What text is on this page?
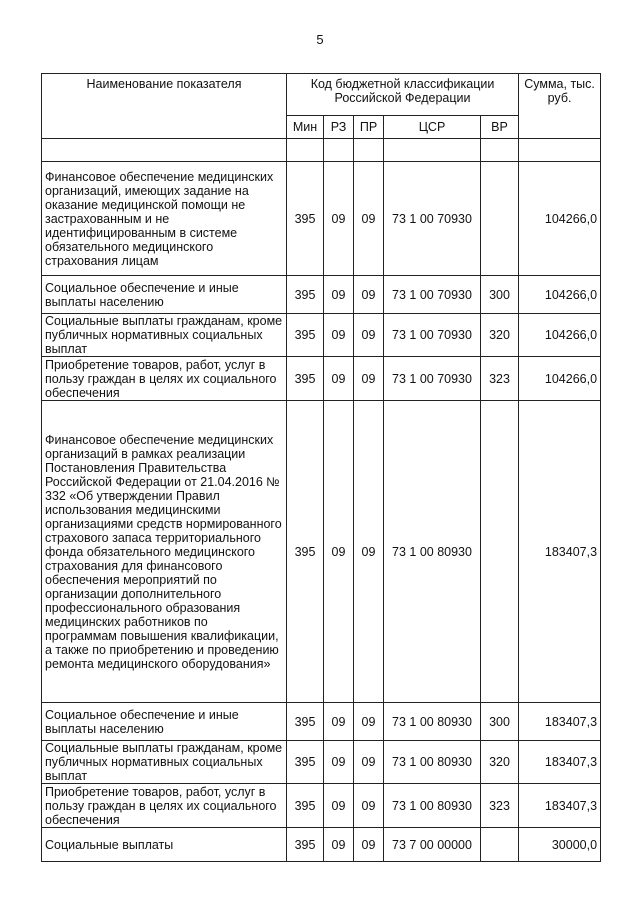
5
Наименование показателя	Код бюджетной классификации Российской Федерации					Сумма, тыс. руб.
	Мин	РЗ	ПР	ЦСР	ВР	

Финансовое обеспечение медицинских организаций, имеющих задание на оказание медицинской помощи не застрахованным и не идентифицированным в системе обязательного медицинского страхования лицам	395	09	09	73 1 00 70930		104266,0
Социальное обеспечение и иные выплаты населению	395	09	09	73 1 00 70930	300	104266,0
Социальные выплаты гражданам, кроме публичных нормативных социальных выплат	395	09	09	73 1 00 70930	320	104266,0
Приобретение товаров, работ, услуг в пользу граждан в целях их социального обеспечения	395	09	09	73 1 00 70930	323	104266,0
Финансовое обеспечение медицинских организаций в рамках реализации Постановления Правительства Российской Федерации от 21.04.2016 № 332 «Об утверждении Правил использования медицинскими организациями средств нормированного страхового запаса территориального фонда обязательного медицинского страхования для финансового обеспечения мероприятий по организации дополнительного профессионального образования медицинских работников по программам повышения квалификации, а также по приобретению и проведению ремонта медицинского оборудования»	395	09	09	73 1 00 80930		183407,3
Социальное обеспечение и иные выплаты населению	395	09	09	73 1 00 80930	300	183407,3
Социальные выплаты гражданам, кроме публичных нормативных социальных выплат	395	09	09	73 1 00 80930	320	183407,3
Приобретение товаров, работ, услуг в пользу граждан в целях их социального обеспечения	395	09	09	73 1 00 80930	323	183407,3
Социальные выплаты	395	09	09	73 7 00 00000		30000,0
